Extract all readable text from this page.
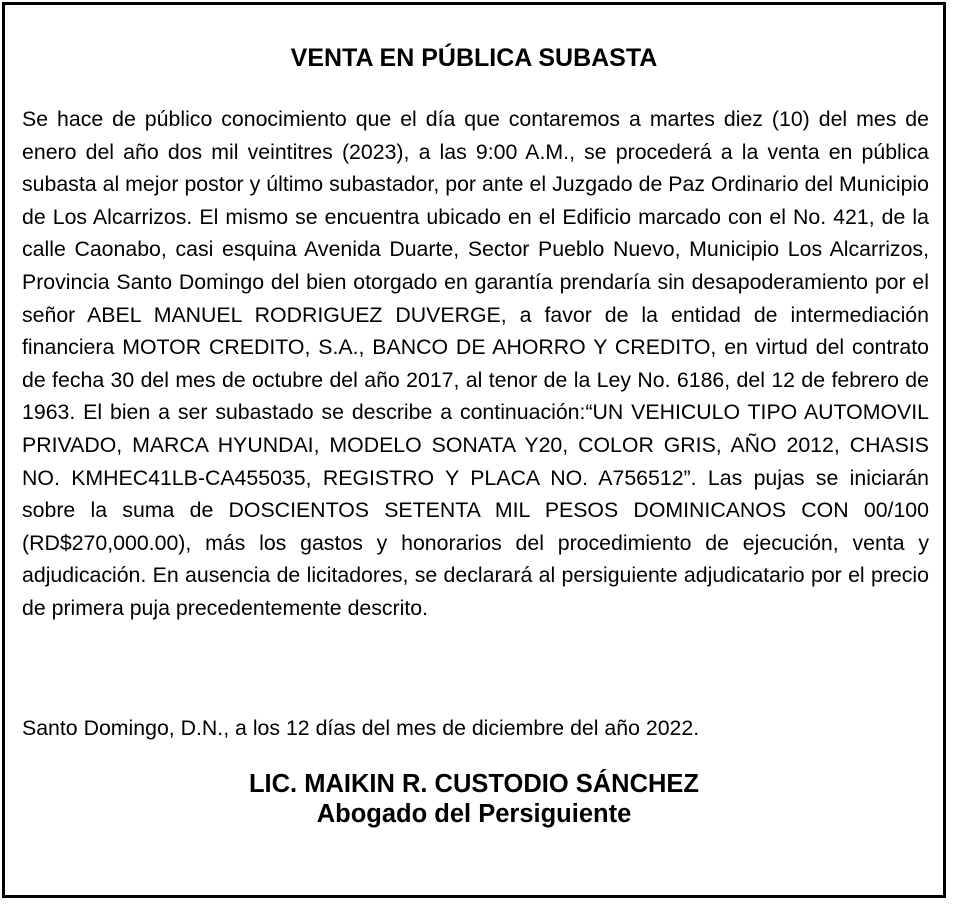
VENTA EN PÚBLICA SUBASTA
Se hace de público conocimiento que el día que contaremos a martes diez (10) del mes de enero del año dos mil veintitres (2023), a las 9:00 A.M., se procederá a la venta en pública subasta al mejor postor y último subastador, por ante el Juzgado de Paz Ordinario del Municipio de Los Alcarrizos. El mismo se encuentra ubicado en el Edificio marcado con el No. 421, de la calle Caonabo, casi esquina Avenida Duarte, Sector Pueblo Nuevo, Municipio Los Alcarrizos, Provincia Santo Domingo del bien otorgado en garantía prendaría sin desapoderamiento por el señor ABEL MANUEL RODRIGUEZ DUVERGE, a favor de la entidad de intermediación financiera MOTOR CREDITO, S.A., BANCO DE AHORRO Y CREDITO, en virtud del contrato de fecha 30 del mes de octubre del año 2017, al tenor de la Ley No. 6186, del 12 de febrero de 1963. El bien a ser subastado se describe a continuación:“UN VEHICULO TIPO AUTOMOVIL PRIVADO, MARCA HYUNDAI, MODELO SONATA Y20, COLOR GRIS, AÑO 2012, CHASIS NO. KMHEC41LB-CA455035, REGISTRO Y PLACA NO. A756512”. Las pujas se iniciarán sobre la suma de DOSCIENTOS SETENTA MIL PESOS DOMINICANOS CON 00/100 (RD$270,000.00), más los gastos y honorarios del procedimiento de ejecución, venta y adjudicación. En ausencia de licitadores, se declarará al persiguiente adjudicatario por el precio de primera puja precedentemente descrito.
Santo Domingo, D.N., a los 12 días del mes de diciembre del año 2022.
LIC. MAIKIN R. CUSTODIO SÁNCHEZ
Abogado del Persiguiente
